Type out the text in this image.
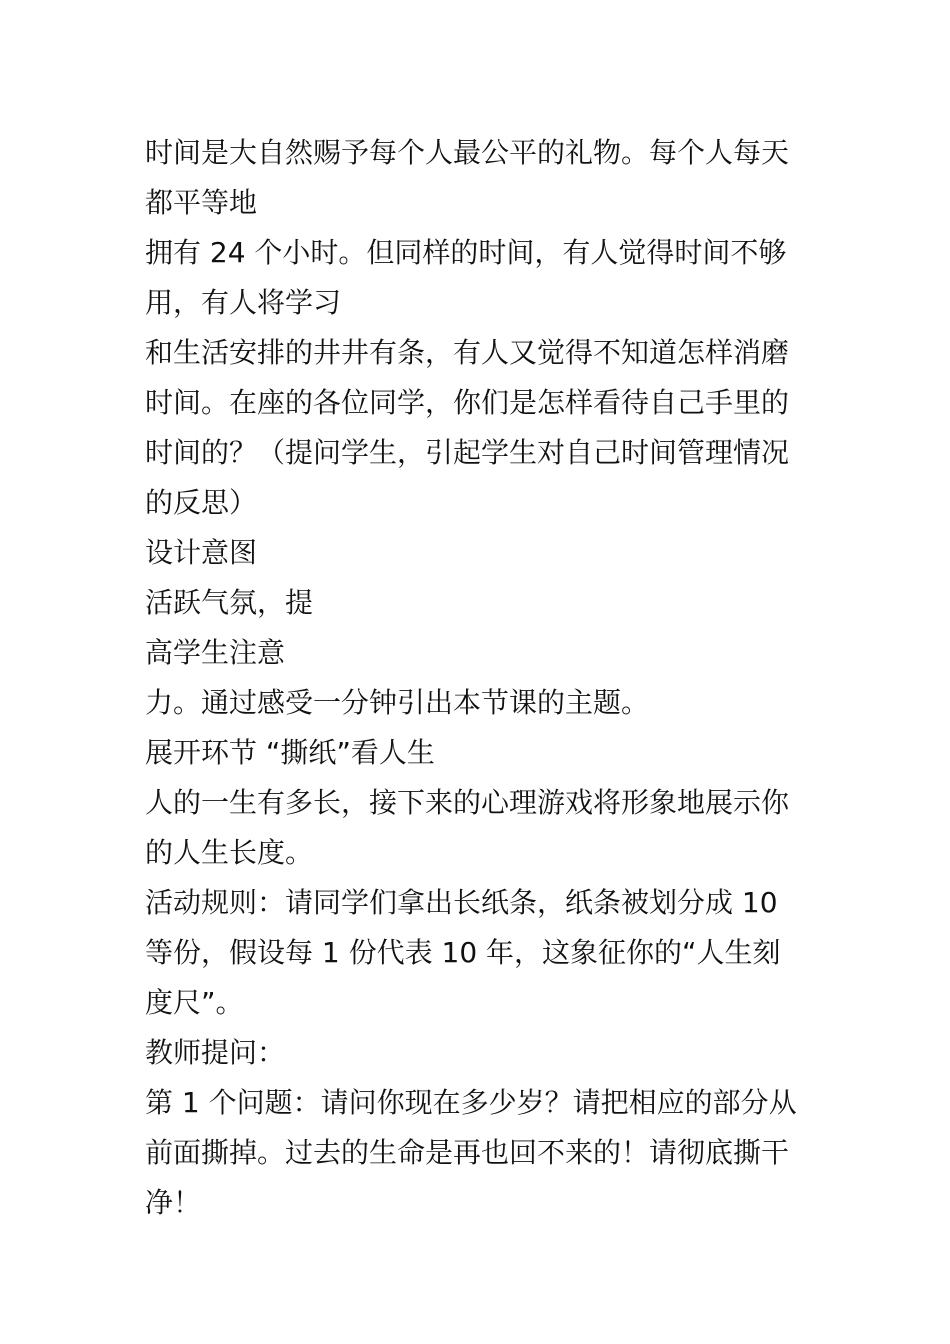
时间是大自然赐予每个人最公平的礼物。每个人每天
都平等地
拥有 24 个小时。但同样的时间，有人觉得时间不够
用，有人将学习
和生活安排的井井有条，有人又觉得不知道怎样消磨
时间。在座的各位同学，你们是怎样看待自己手里的
时间的？（提问学生，引起学生对自己时间管理情况
的反思）
设计意图
活跃气氛，提
高学生注意
力。通过感受一分钟引出本节课的主题。
展开环节 “撕纸”看人生
人的一生有多长，接下来的心理游戏将形象地展示你
的人生长度。
活动规则：请同学们拿出长纸条，纸条被划分成 10
等份，假设每 1 份代表 10 年，这象征你的“人生刻
度尺”。
教师提问：
第 1 个问题：请问你现在多少岁？请把相应的部分从
前面撕掉。过去的生命是再也回不来的！请彻底撕干
净！
